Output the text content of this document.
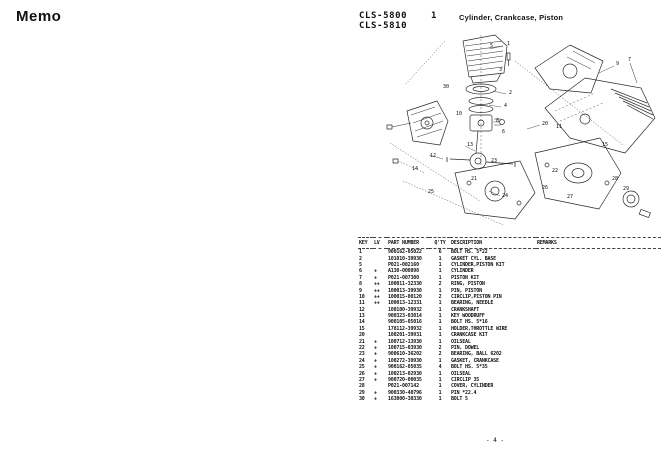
Memo	CLS-5800
CLS-5810
1	Cylinder, Crankcase, Piston
1
5
3
30
2
4
10
8
6
9
7
20 11
15
12
13
14
23
22
21
26
25
24	27
28
29
KEY	LV	PART NUMBER	Q'TY	DESCRIPTION	REMARKS
1		900162-05022	6	BOLT HS. 5*22	
2		101010-39930	1	GASKET CYL. BASE	
5		P021-002160	1	CYLINDER,PISTON KIT	
6	+	A130-000890	1	CYLINDER	
7	+	P021-007300	1	PISTON KIT	
8	++	100011-32330	2	RING, PISTON	
9	++	100013-39930	1	PIN, PISTON	
10	++	100015-00120	2	CIRCLIP,PISTON PIN	
11	++	100013-12331	1	BEARING, NEEDLE	
12		100100-39932	1	CRANKSHAFT	
13		900323-03014	1	KEY WOODRUFF	
14		900105-05016	1	BOLT HS. 5*16	
15		178112-39932	1	HOLDER,THROTTLE WIRE	
20		100201-39931	1	CRANKCASE KIT	
21	+	100712-13930	1	OILSEAL	
22	+	100715-03930	2	PIN, DOWEL	
23	+	900610-36202	2	BEARING, BALL 6202	
24	+	100272-39930	1	GASKET, CRANKCASE	
25	+	900162-05035	4	BOLT HS. 5*35	
26	+	100213-02930	1	OILSEAL	
27	+	900720-00035	1	CIRCLIP 35	
28		P021-007142	1	COVER, CYLINDER	
29	+	900330-40796	1	PIN *22.4	
30	+	163000-30330	1	BOLT 5	
- 4 -
